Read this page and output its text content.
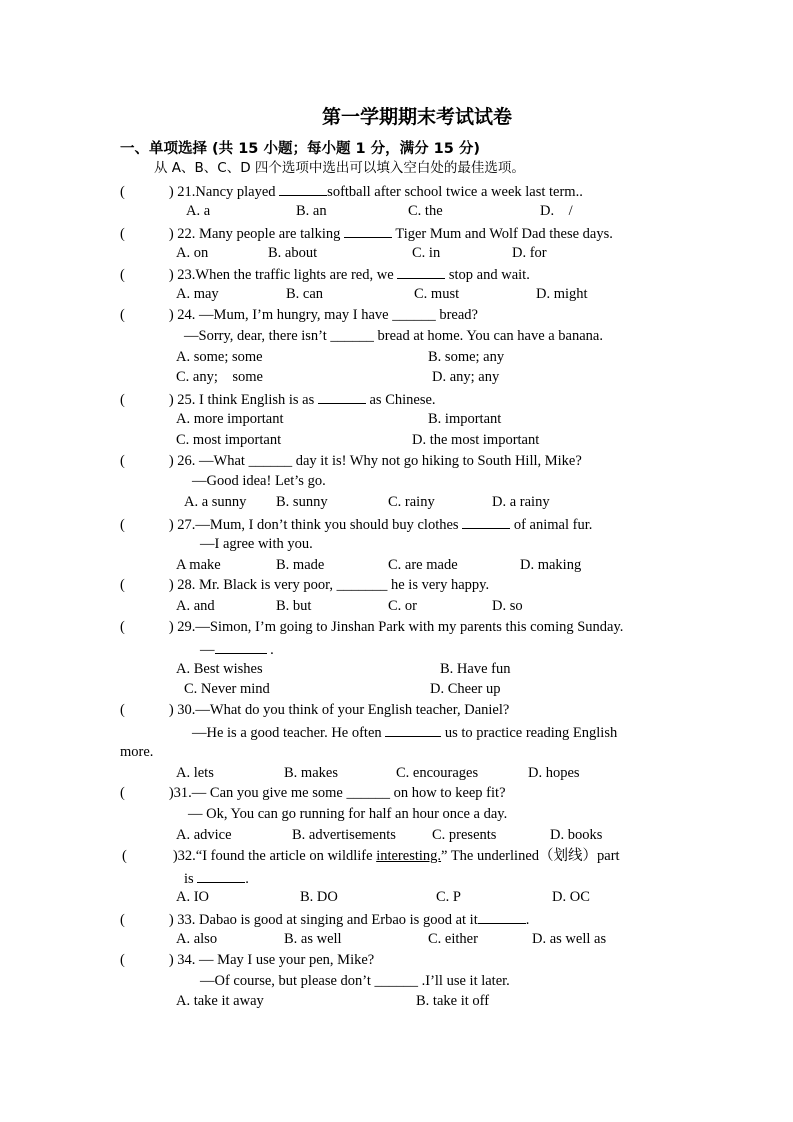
第一学期期末考试试卷
一、单项选择 (共 15 小题；每小题 1 分，满分 15 分)
从 A、B、C、D 四个选项中选出可以填入空白处的最佳选项。
(	) 21.Nancy played	softball after school twice a week last term..
A. a	B. an	C. the	D.    /
(	) 22. Many people are talking	Tiger Mum and Wolf Dad these days.
A. on	B. about	C. in	D. for
(	) 23.When the traffic lights are red, we	stop and wait.
A. may	B. can	C. must	D. might
(	) 24. —Mum, I’m hungry, may I have ______ bread?
—Sorry, dear, there isn’t ______ bread at home. You can have a banana.
A. some; some	B. some; any
C. any;    some	D. any; any
(	) 25. I think English is as	as Chinese.
A. more important	B. important
C. most important	D. the most important
(	) 26. —What ______ day it is! Why not go hiking to South Hill, Mike?
—Good idea! Let’s go.
A. a sunny B. sunny	C. rainy	D. a rainy
(	) 27.—Mum, I don’t think you should buy clothes	of animal fur.
—I agree with you.
A make	B. made	C. are made	D. making
(	) 28. Mr. Black is very poor, _______ he is very happy.
A. and	B. but	C. or	D. so
(	) 29.—Simon, I’m going to Jinshan Park with my parents this coming Sunday.
—	.
A. Best wishes	B. Have fun
C. Never mind	D. Cheer up
(	) 30.—What do you think of your English teacher, Daniel?
—He is a good teacher. He often	us to practice reading English
more.
A. lets	B. makes	C. encourages	D. hopes
(	)31.— Can you give me some ______ on how to keep fit?
— Ok, You can go running for half an hour once a day.
A. advice	B. advertisements C. presents	D. books
(	)32.“I found the article on wildlife interesting.” The underlined（划线）part
is	.
A. IO	B. DO	C. P	D. OC
(	) 33. Dabao is good at singing and Erbao is good at it	.
A. also	B. as well	C. either	D. as well as
(	) 34. — May I use your pen, Mike?
—Of course, but please don’t ______ .I’ll use it later.
A. take it away	B. take it off
